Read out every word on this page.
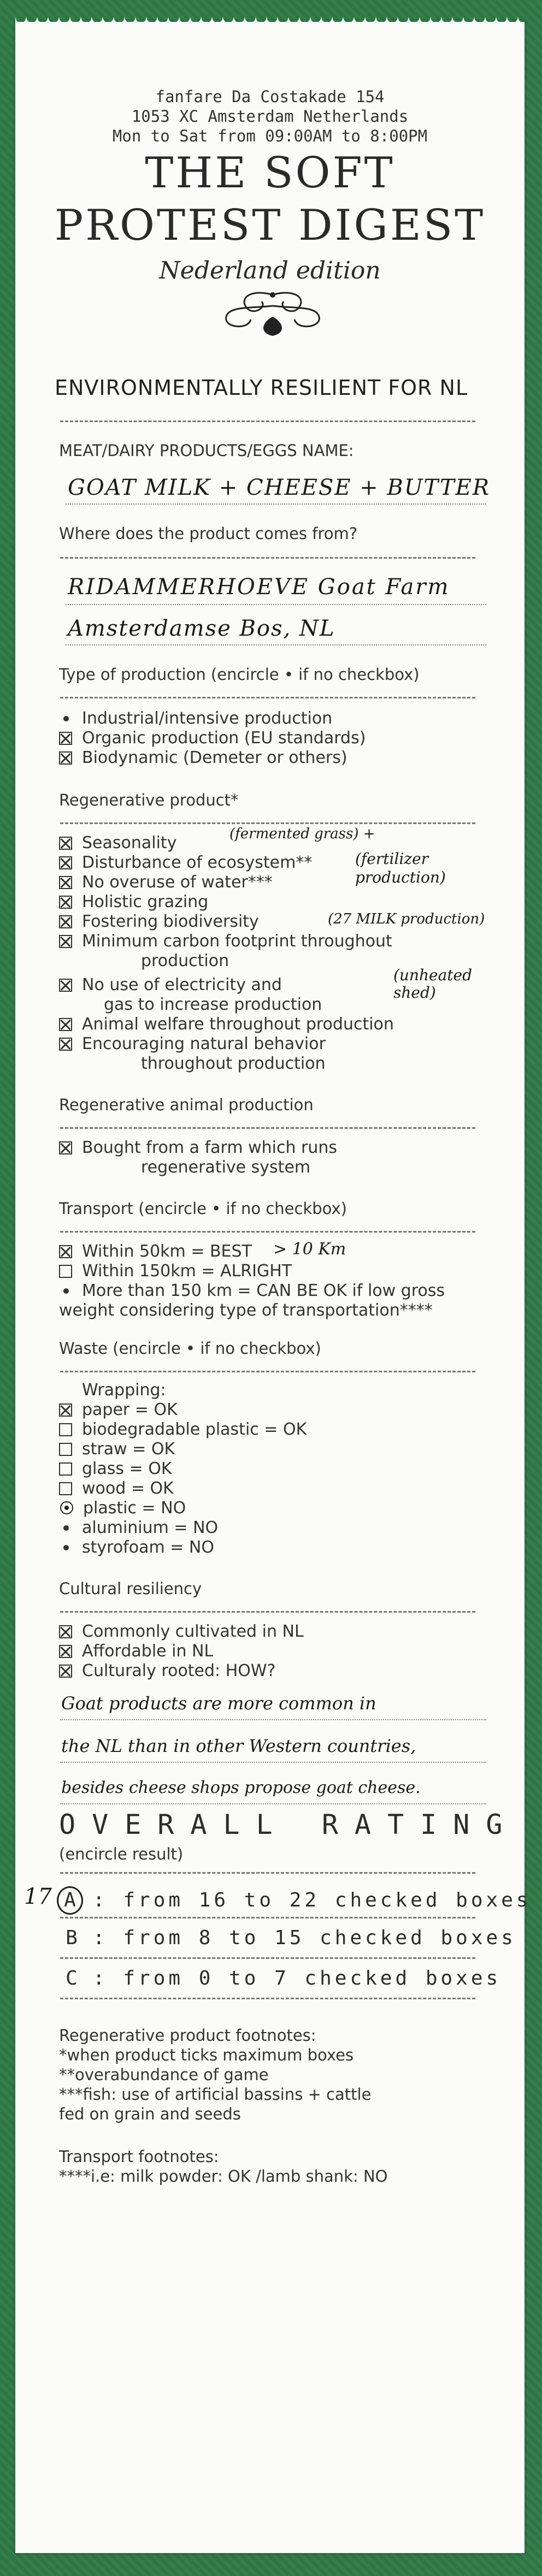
fanfare Da Costakade 154
1053 XC Amsterdam Netherlands
Mon to Sat from 09:00AM to 8:00PM
THE SOFT
PROTEST DIGEST
Nederland edition
ENVIRONMENTALLY RESILIENT FOR NL
MEAT/DAIRY PRODUCTS/EGGS NAME:
GOAT MILK + CHEESE + BUTTER
Where does the product comes from?
RIDAMMERHOEVE Goat Farm
Amsterdamse Bos, NL
Type of production (encircle • if no checkbox)
Industrial/intensive production
Organic production (EU standards)
Biodynamic (Demeter or others)
Regenerative product*
Seasonality	(fermented grass) +
Disturbance of ecosystem**	(fertilizer production)
No overuse of water***
Holistic grazing
Fostering biodiversity	(27 MILK production)
Minimum carbon footprint throughout
production
No use of electricity and
(unheated shed)
gas to increase production
Animal welfare throughout production
Encouraging natural behavior
throughout production
Regenerative animal production
Bought from a farm which runs
regenerative system
Transport (encircle • if no checkbox)
Within 50km = BEST > 10 Km
Within 150km = ALRIGHT
More than 150 km = CAN BE OK if low gross
weight considering type of transportation****
Waste (encircle • if no checkbox)
Wrapping:
paper = OK
biodegradable plastic = OK
straw = OK
glass = OK
wood = OK
plastic = NO
aluminium = NO
styrofoam = NO
Cultural resiliency
Commonly cultivated in NL
Affordable in NL
Culturaly rooted: HOW?
Goat products are more common in
the NL than in other Western countries,
besides cheese shops propose goat cheese.
OVERALL RATING
(encircle result)
17 A : from 16 to 22 checked boxes
B : from 8 to 15 checked boxes
C : from 0 to 7 checked boxes
Regenerative product footnotes:
*when product ticks maximum boxes
**overabundance of game
***fish: use of artificial bassins + cattle
fed on grain and seeds
Transport footnotes:
****i.e: milk powder: OK /lamb shank: NO
